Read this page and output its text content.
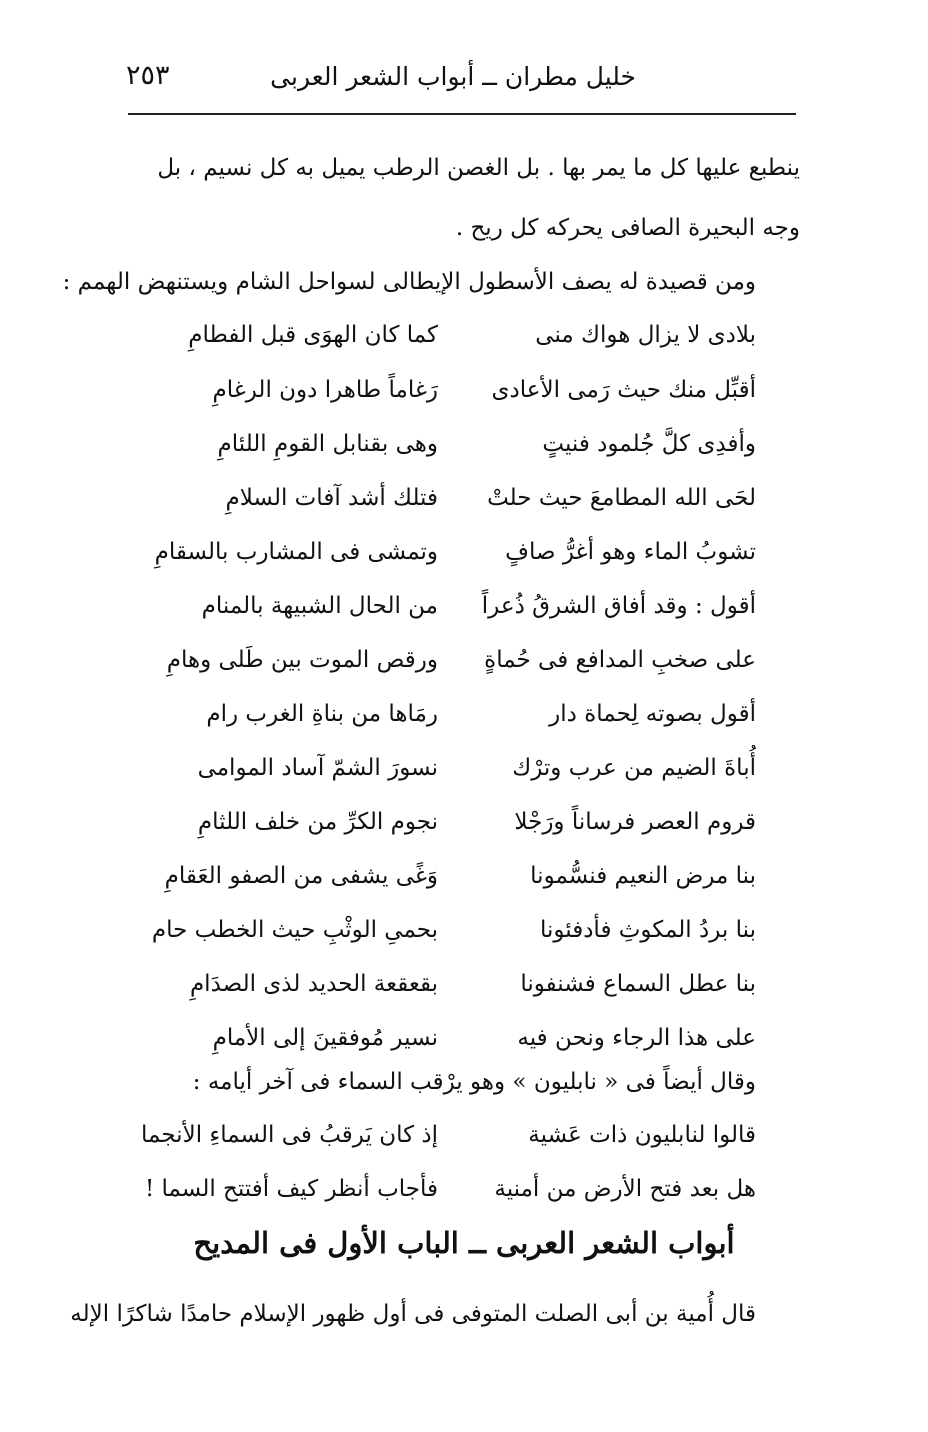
خليل مطران ــ أبواب الشعر العربى
٢٥٣
ينطبع عليها كل ما يمر بها . بل الغصن الرطب يميل به كل نسيم ، بل
وجه البحيرة الصافى يحركه كل ريح .
ومن قصيدة له يصف الأسطول الإيطالى لسواحل الشام ويستنهض الهمم :
بلادى لا يزال هواك منى
كما كان الهوَى قبل الفطامِ
أقبِّل منك حيث رَمى الأعادى
رَغاماً طاهرا دون الرغامِ
وأفدِى كلَّ جُلمود فنيتٍ
وهى بقنابل القومِ اللئامِ
لحَى الله المطامعَ حيث حلتْ
فتلك أشد آفات السلامِ
تشوبُ الماء وهو أغرُّ صافٍ
وتمشى فى المشارب بالسقامِ
أقول : وقد أفاق الشرقُ ذُعراً
من الحال الشبيهة بالمنام
على صخبِ المدافع فى حُماةٍ
ورقص الموت بين طَلى وهامِ
أقول بصوته لِحماة دار
رمَاها من بناةِ الغرب رام
أُباةَ الضيم من عرب وترْك
نسورَ الشمّ آساد الموامى
قروم العصر فرساناً ورَجْلا
نجوم الكرِّ من خلف اللثامِ
بنا مرض النعيم فنسُّمونا
وَغًى يشفى من الصفو العَقامِ
بنا بردُ المكوثِ فأدفئونا
بحمىِ الوثْبِ حيث الخطب حام
بنا عطل السماع فشنفونا
بقعقعة الحديد لذى الصدَامِ
على هذا الرجاء ونحن فيه
نسير مُوفقينَ إلى الأمامِ
وقال أيضاً فى « نابليون » وهو يرْقب السماء فى آخر أيامه :
قالوا لنابليون ذات عَشية
إذ كان يَرقبُ فى السماءِ الأنجما
هل بعد فتح الأرض من أمنية
فأجاب أنظر كيف أفتتح السما !
أبواب الشعر العربى ــ الباب الأول فى المديح
قال أُمية بن أبى الصلت المتوفى فى أول ظهور الإسلام حامدًا شاكرًا الإله
